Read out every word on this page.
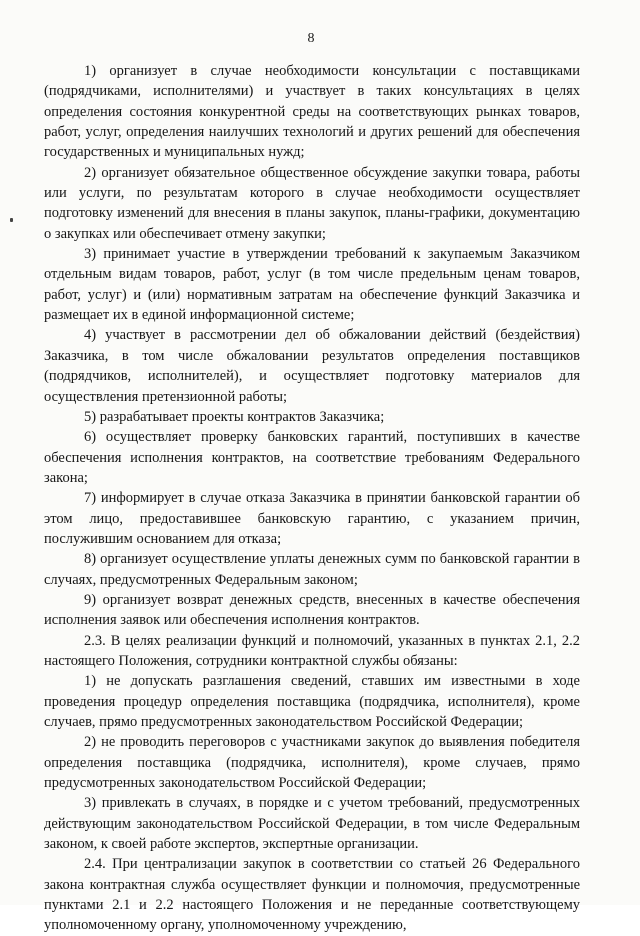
8

1) организует в случае необходимости консультации с поставщиками (подрядчиками, исполнителями) и участвует в таких консультациях в целях определения состояния конкурентной среды на соответствующих рынках товаров, работ, услуг, определения наилучших технологий и других решений для обеспечения государственных и муниципальных нужд;

2) организует обязательное общественное обсуждение закупки товара, работы или услуги, по результатам которого в случае необходимости осуществляет подготовку изменений для внесения в планы закупок, планы-графики, документацию о закупках или обеспечивает отмену закупки;

3) принимает участие в утверждении требований к закупаемым Заказчиком отдельным видам товаров, работ, услуг (в том числе предельным ценам товаров, работ, услуг) и (или) нормативным затратам на обеспечение функций Заказчика и размещает их в единой информационной системе;

4) участвует в рассмотрении дел об обжаловании действий (бездействия) Заказчика, в том числе обжаловании результатов определения поставщиков (подрядчиков, исполнителей), и осуществляет подготовку материалов для осуществления претензионной работы;

5) разрабатывает проекты контрактов Заказчика;

6) осуществляет проверку банковских гарантий, поступивших в качестве обеспечения исполнения контрактов, на соответствие требованиям Федерального закона;

7) информирует в случае отказа Заказчика в принятии банковской гарантии об этом лицо, предоставившее банковскую гарантию, с указанием причин, послужившим основанием для отказа;

8) организует осуществление уплаты денежных сумм по банковской гарантии в случаях, предусмотренных Федеральным законом;

9) организует возврат денежных средств, внесенных в качестве обеспечения исполнения заявок или обеспечения исполнения контрактов.

2.3. В целях реализации функций и полномочий, указанных в пунктах 2.1, 2.2 настоящего Положения, сотрудники контрактной службы обязаны:

1) не допускать разглашения сведений, ставших им известными в ходе проведения процедур определения поставщика (подрядчика, исполнителя), кроме случаев, прямо предусмотренных законодательством Российской Федерации;

2) не проводить переговоров с участниками закупок до выявления победителя определения поставщика (подрядчика, исполнителя), кроме случаев, прямо предусмотренных законодательством Российской Федерации;

3) привлекать в случаях, в порядке и с учетом требований, предусмотренных действующим законодательством Российской Федерации, в том числе Федеральным законом, к своей работе экспертов, экспертные организации.

2.4. При централизации закупок в соответствии со статьей 26 Федерального закона контрактная служба осуществляет функции и полномочия, предусмотренные пунктами 2.1 и 2.2 настоящего Положения и не переданные соответствующему уполномоченному органу, уполномоченному учреждению,
